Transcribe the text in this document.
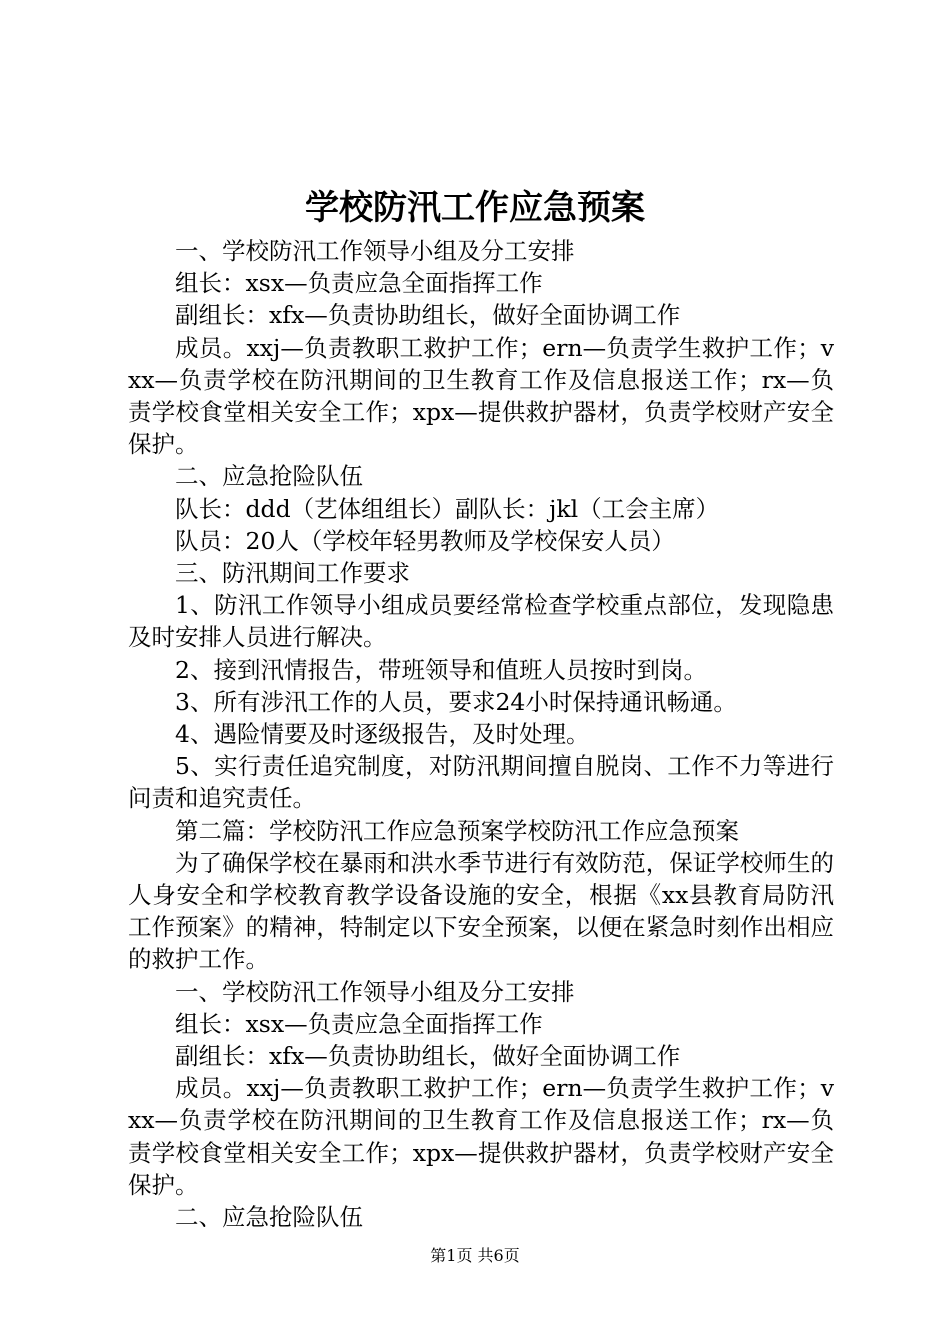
学校防汛工作应急预案

一、学校防汛工作领导小组及分工安排

组长：xsx—负责应急全面指挥工作

副组长：xfx—负责协助组长，做好全面协调工作

成员。xxj—负责教职工救护工作；ern—负责学生救护工作；vxx—负责学校在防汛期间的卫生教育工作及信息报送工作；rx—负责学校食堂相关安全工作；xpx—提供救护器材，负责学校财产安全保护。

二、应急抢险队伍

队长：ddd（艺体组组长）副队长：jkl（工会主席）

队员：20人（学校年轻男教师及学校保安人员）

三、防汛期间工作要求

1、防汛工作领导小组成员要经常检查学校重点部位，发现隐患及时安排人员进行解决。

2、接到汛情报告，带班领导和值班人员按时到岗。

3、所有涉汛工作的人员，要求24小时保持通讯畅通。

4、遇险情要及时逐级报告，及时处理。

5、实行责任追究制度，对防汛期间擅自脱岗、工作不力等进行问责和追究责任。

第二篇：学校防汛工作应急预案学校防汛工作应急预案

为了确保学校在暴雨和洪水季节进行有效防范，保证学校师生的人身安全和学校教育教学设备设施的安全，根据《xx县教育局防汛工作预案》的精神，特制定以下安全预案，以便在紧急时刻作出相应的救护工作。

一、学校防汛工作领导小组及分工安排

组长：xsx—负责应急全面指挥工作

副组长：xfx—负责协助组长，做好全面协调工作

成员。xxj—负责教职工救护工作；ern—负责学生救护工作；vxx—负责学校在防汛期间的卫生教育工作及信息报送工作；rx—负责学校食堂相关安全工作；xpx—提供救护器材，负责学校财产安全保护。

二、应急抢险队伍

第1页 共6页
